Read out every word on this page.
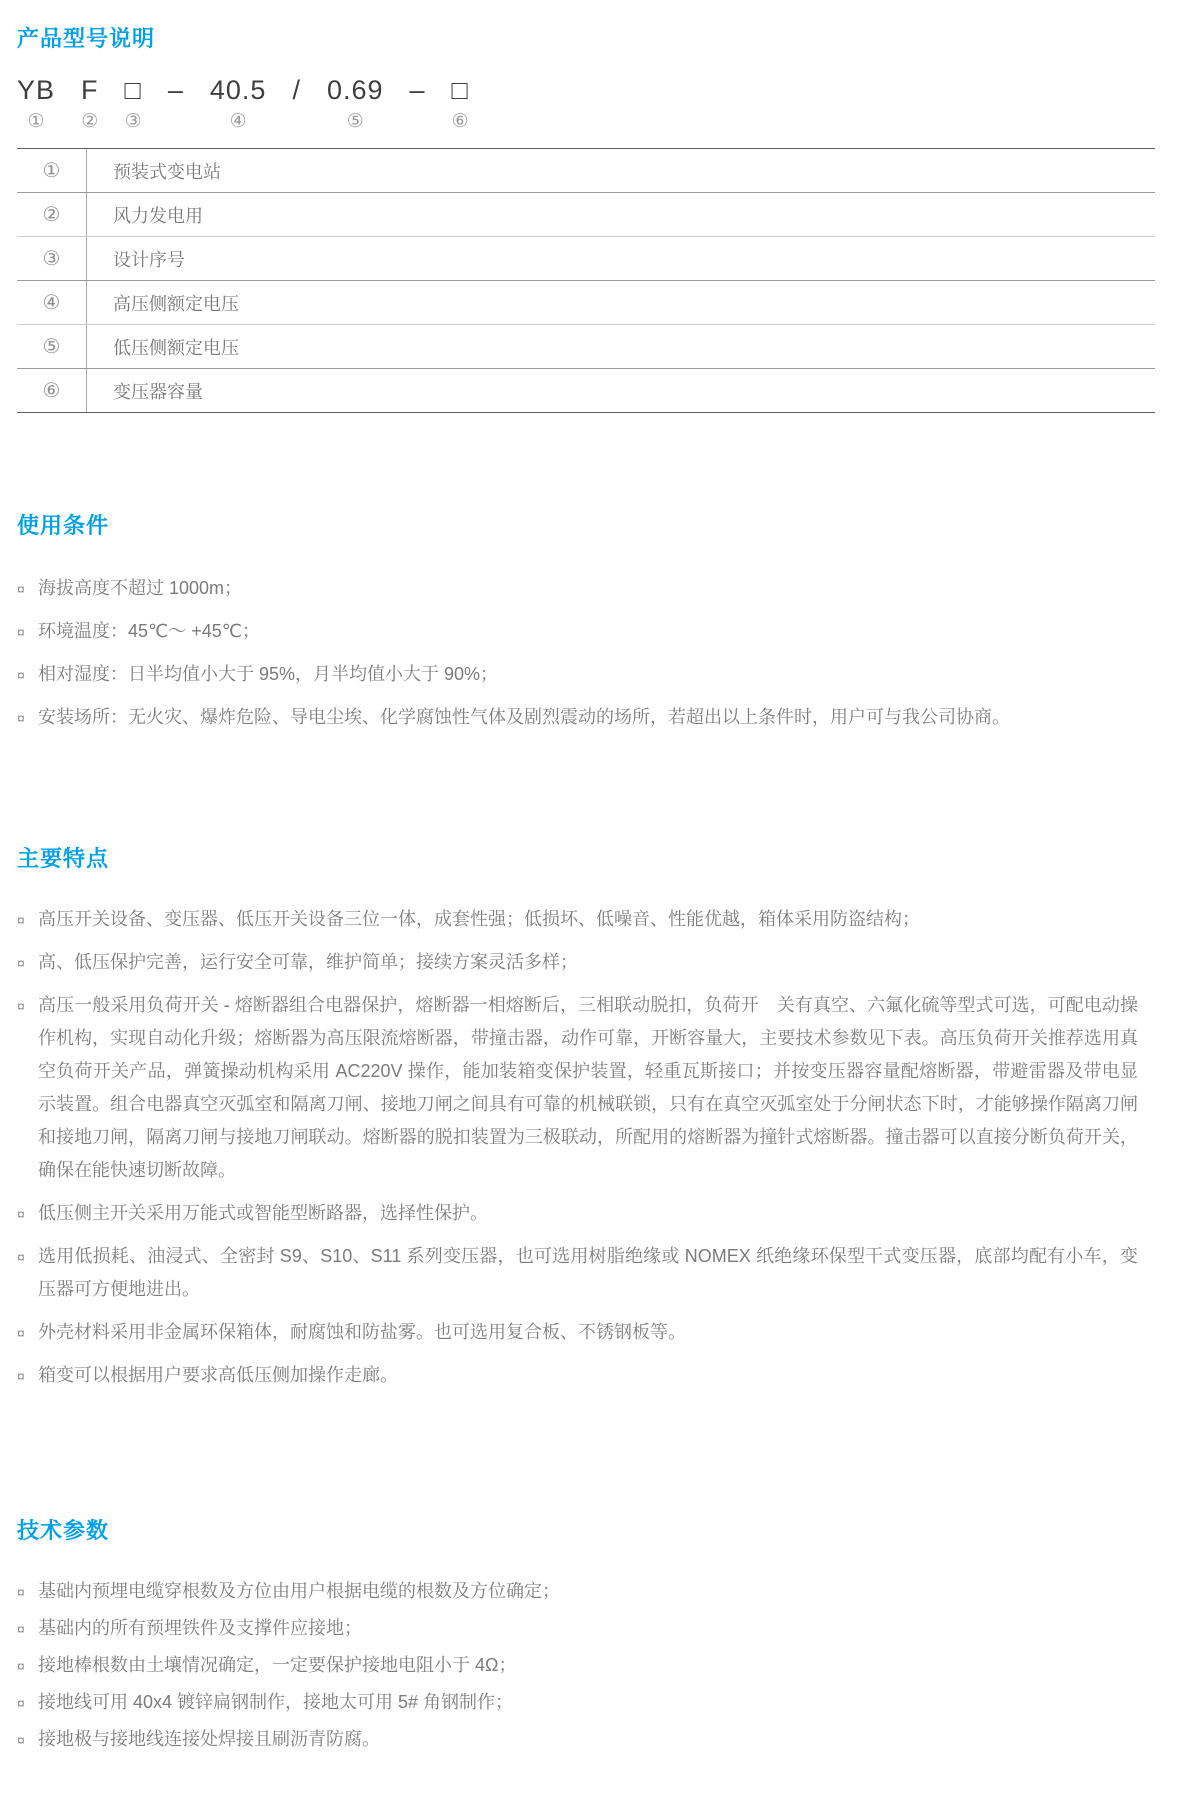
产品型号说明
YB
①
F
②
□
③
– 40.5
④
/ 0.69
⑤
– □
⑥
①	预装式变电站
②	风力发电用
③	设计序号
④	高压侧额定电压
⑤	低压侧额定电压
⑥	变压器容量
使用条件
¤ 海拔高度不超过 1000m；
¤ 环境温度：45℃～ +45℃；
¤ 相对湿度：日半均值小大于 95%，月半均值小大于 90%；
¤ 安装场所：无火灾、爆炸危险、导电尘埃、化学腐蚀性气体及剧烈震动的场所，若超出以上条件时，用户可与我公司协商。
主要特点
¤ 高压开关设备、变压器、低压开关设备三位一体，成套性强；低损坏、低噪音、性能优越，箱体采用防盗结构；
¤ 高、低压保护完善，运行安全可靠，维护简单；接续方案灵活多样；
¤ 高压一般采用负荷开关 - 熔断器组合电器保护，熔断器一相熔断后，三相联动脱扣，负荷开　关有真空、六氟化硫等型式可选，可配电动操作机构，实现自动化升级；熔断器为高压限流熔断器，带撞击器，动作可靠，开断容量大，主要技术参数见下表。高压负荷开关推荐选用真空负荷开关产品，弹簧操动机构采用 AC220V 操作，能加装箱变保护装置，轻重瓦斯接口；并按变压器容量配熔断器，带避雷器及带电显示装置。组合电器真空灭弧室和隔离刀闸、接地刀闸之间具有可靠的机械联锁，只有在真空灭弧室处于分闸状态下时，才能够操作隔离刀闸和接地刀闸，隔离刀闸与接地刀闸联动。熔断器的脱扣装置为三极联动，所配用的熔断器为撞针式熔断器。撞击器可以直接分断负荷开关，确保在能快速切断故障。
¤ 低压侧主开关采用万能式或智能型断路器，选择性保护。
¤ 选用低损耗、油浸式、全密封 S9、S10、S11 系列变压器，也可选用树脂绝缘或 NOMEX 纸绝缘环保型干式变压器，底部均配有小车，变压器可方便地进出。
¤ 外壳材料采用非金属环保箱体，耐腐蚀和防盐雾。也可选用复合板、不锈钢板等。
¤ 箱变可以根据用户要求高低压侧加操作走廊。
技术参数
¤ 基础内预埋电缆穿根数及方位由用户根据电缆的根数及方位确定；
¤ 基础内的所有预埋铁件及支撑件应接地；
¤ 接地棒根数由土壤情况确定，一定要保护接地电阻小于 4Ω；
¤ 接地线可用 40x4 镀锌扁钢制作，接地太可用 5# 角钢制作；
¤ 接地极与接地线连接处焊接且刷沥青防腐。
